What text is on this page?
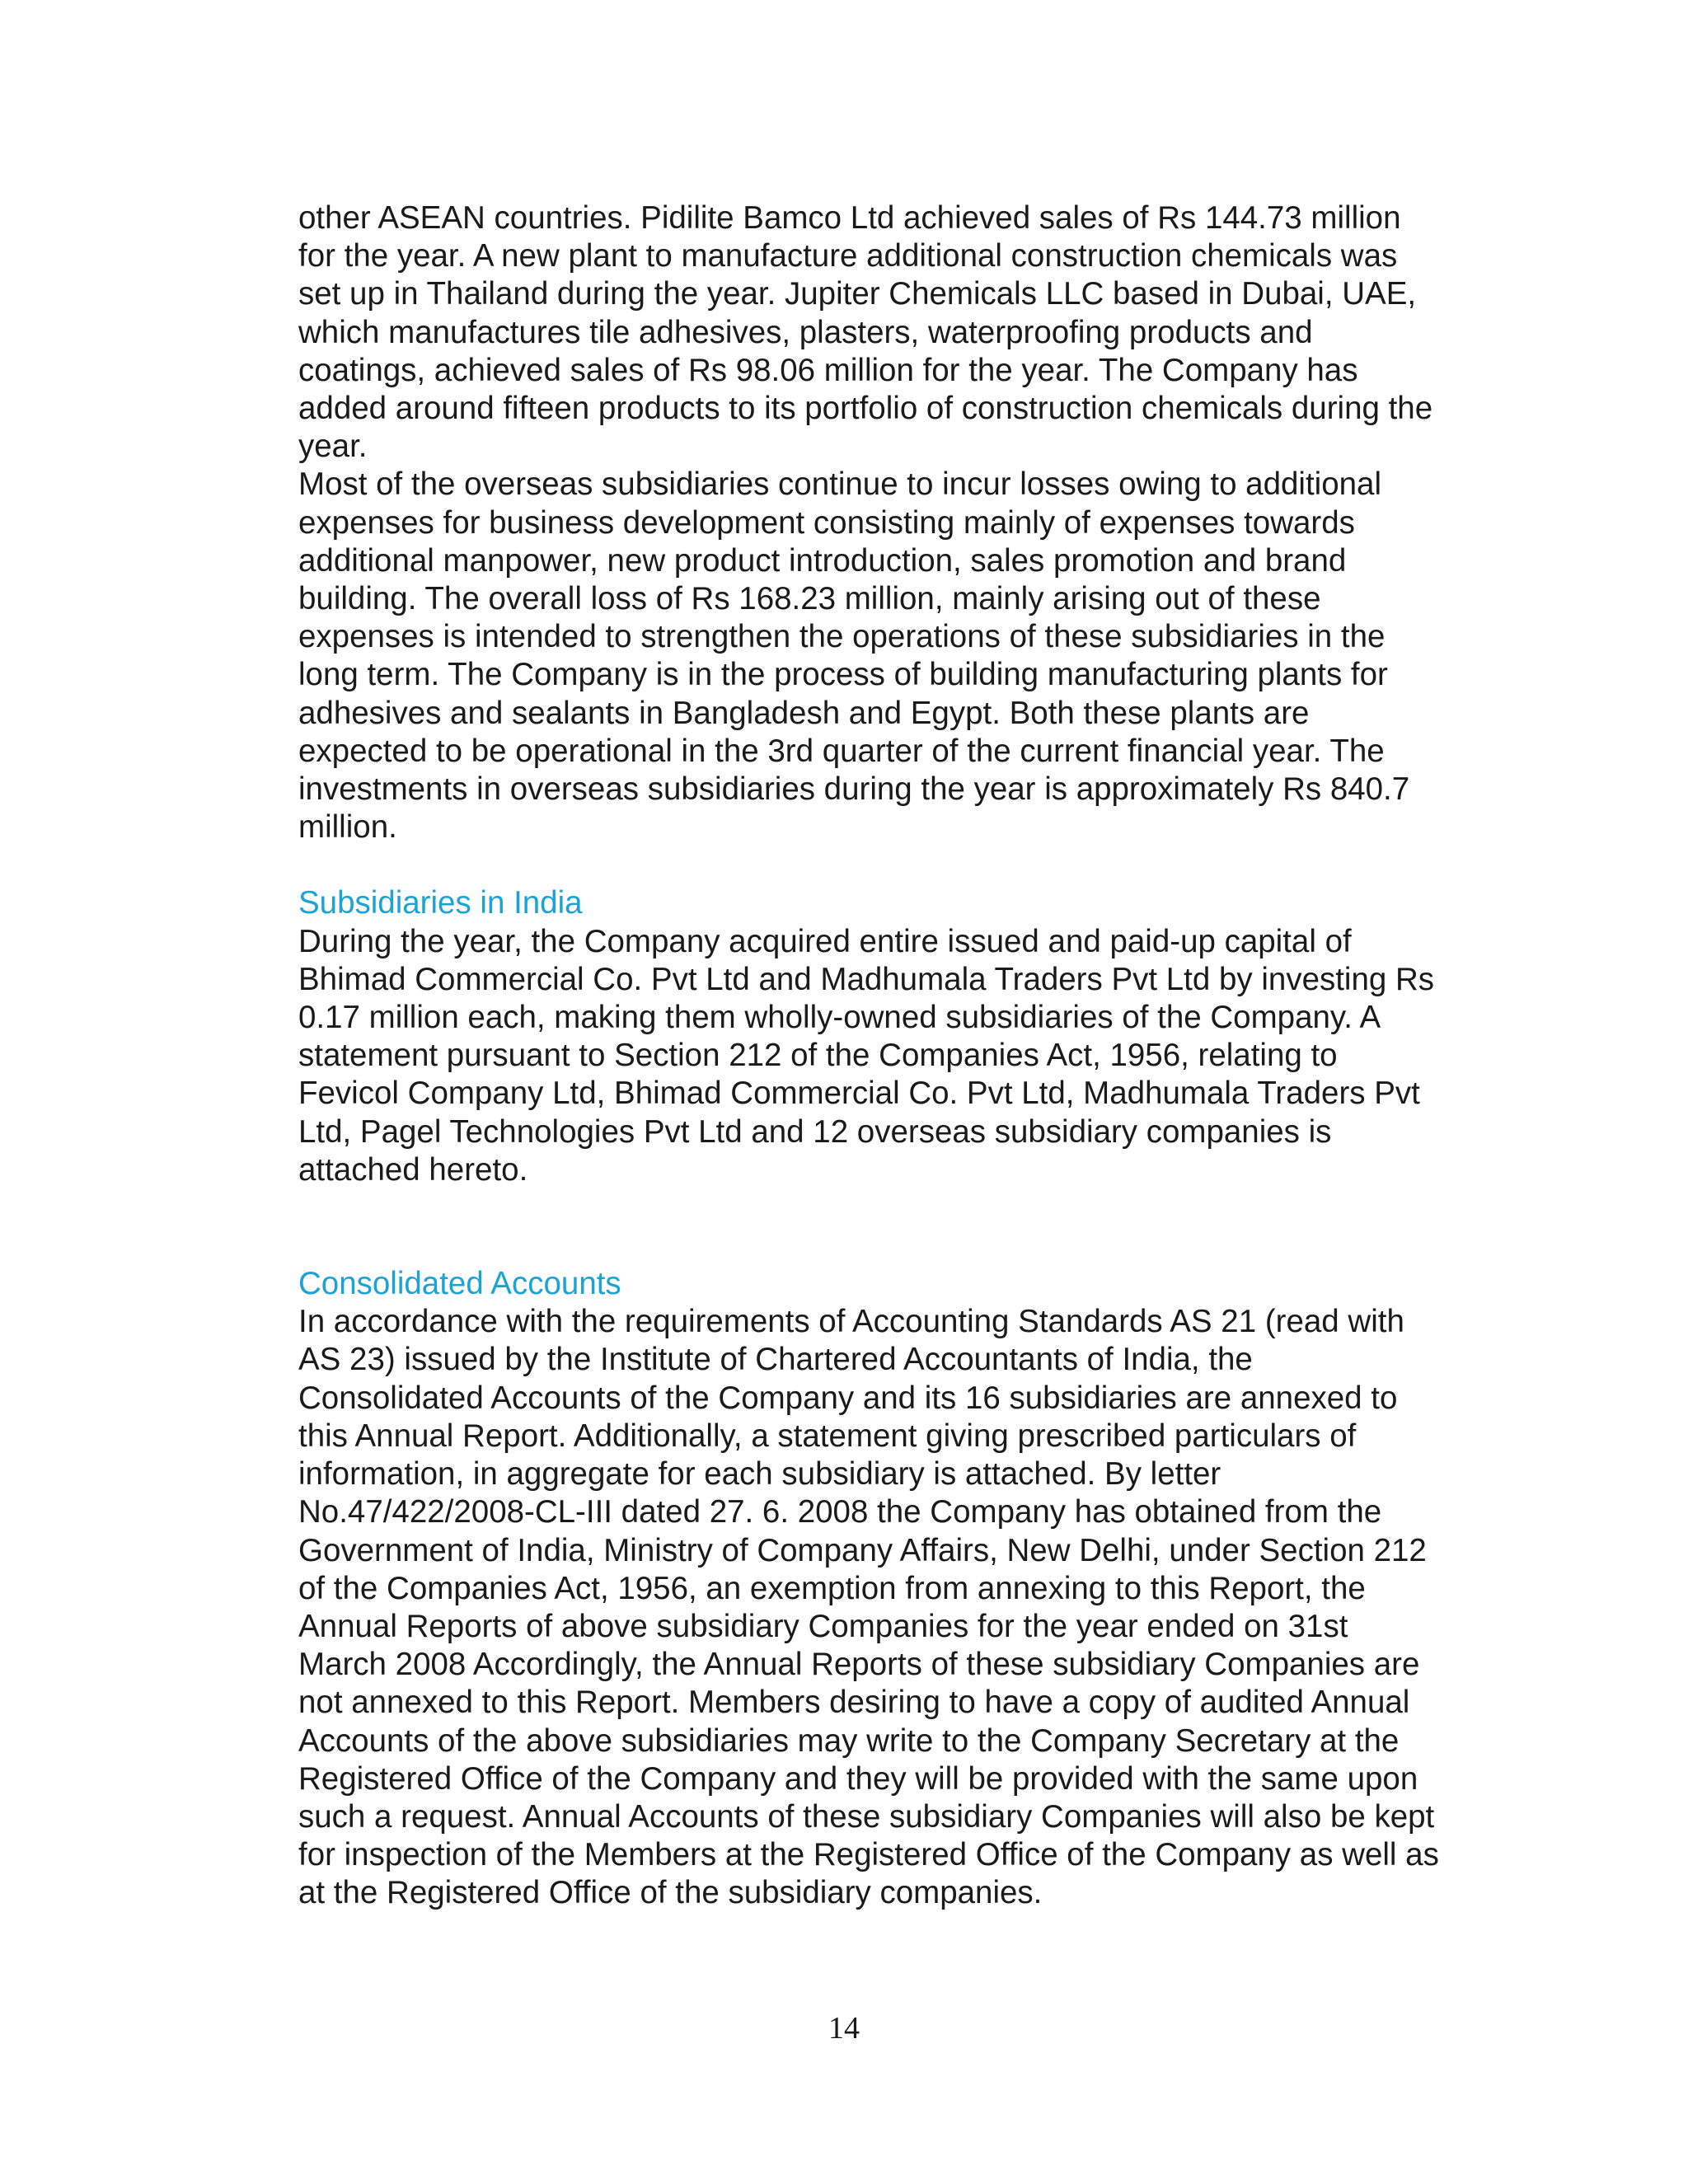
other ASEAN countries. Pidilite Bamco Ltd achieved sales of Rs 144.73 million
for the year. A new plant to manufacture additional construction chemicals was
set up in Thailand during the year. Jupiter Chemicals LLC based in Dubai, UAE,
which manufactures tile adhesives, plasters, waterproofing products and
coatings, achieved sales of Rs 98.06 million for the year. The Company has
added around fifteen products to its portfolio of construction chemicals during the
year.
Most of the overseas subsidiaries continue to incur losses owing to additional
expenses for business development consisting mainly of expenses towards
additional manpower, new product introduction, sales promotion and brand
building. The overall loss of Rs 168.23 million, mainly arising out of these
expenses is intended to strengthen the operations of these subsidiaries in the
long term. The Company is in the process of building manufacturing plants for
adhesives and sealants in Bangladesh and Egypt. Both these plants are
expected to be operational in the 3rd quarter of the current financial year. The
investments in overseas subsidiaries during the year is approximately Rs 840.7
million.
Subsidiaries in India
During the year, the Company acquired entire issued and paid-up capital of
Bhimad Commercial Co. Pvt Ltd and Madhumala Traders Pvt Ltd by investing Rs
0.17 million each, making them wholly-owned subsidiaries of the Company. A
statement pursuant to Section 212 of the Companies Act, 1956, relating to
Fevicol Company Ltd, Bhimad Commercial Co. Pvt Ltd, Madhumala Traders Pvt
Ltd, Pagel Technologies Pvt Ltd and 12 overseas subsidiary companies is
attached hereto.
Consolidated Accounts
In accordance with the requirements of Accounting Standards AS 21 (read with
AS 23) issued by the Institute of Chartered Accountants of India, the
Consolidated Accounts of the Company and its 16 subsidiaries are annexed to
this Annual Report. Additionally, a statement giving prescribed particulars of
information, in aggregate for each subsidiary is attached. By letter
No.47/422/2008-CL-III dated 27. 6. 2008 the Company has obtained from the
Government of India, Ministry of Company Affairs, New Delhi, under Section 212
of the Companies Act, 1956, an exemption from annexing to this Report, the
Annual Reports of above subsidiary Companies for the year ended on 31st
March 2008 Accordingly, the Annual Reports of these subsidiary Companies are
not annexed to this Report. Members desiring to have a copy of audited Annual
Accounts of the above subsidiaries may write to the Company Secretary at the
Registered Office of the Company and they will be provided with the same upon
such a request. Annual Accounts of these subsidiary Companies will also be kept
for inspection of the Members at the Registered Office of the Company as well as
at the Registered Office of the subsidiary companies.
14
